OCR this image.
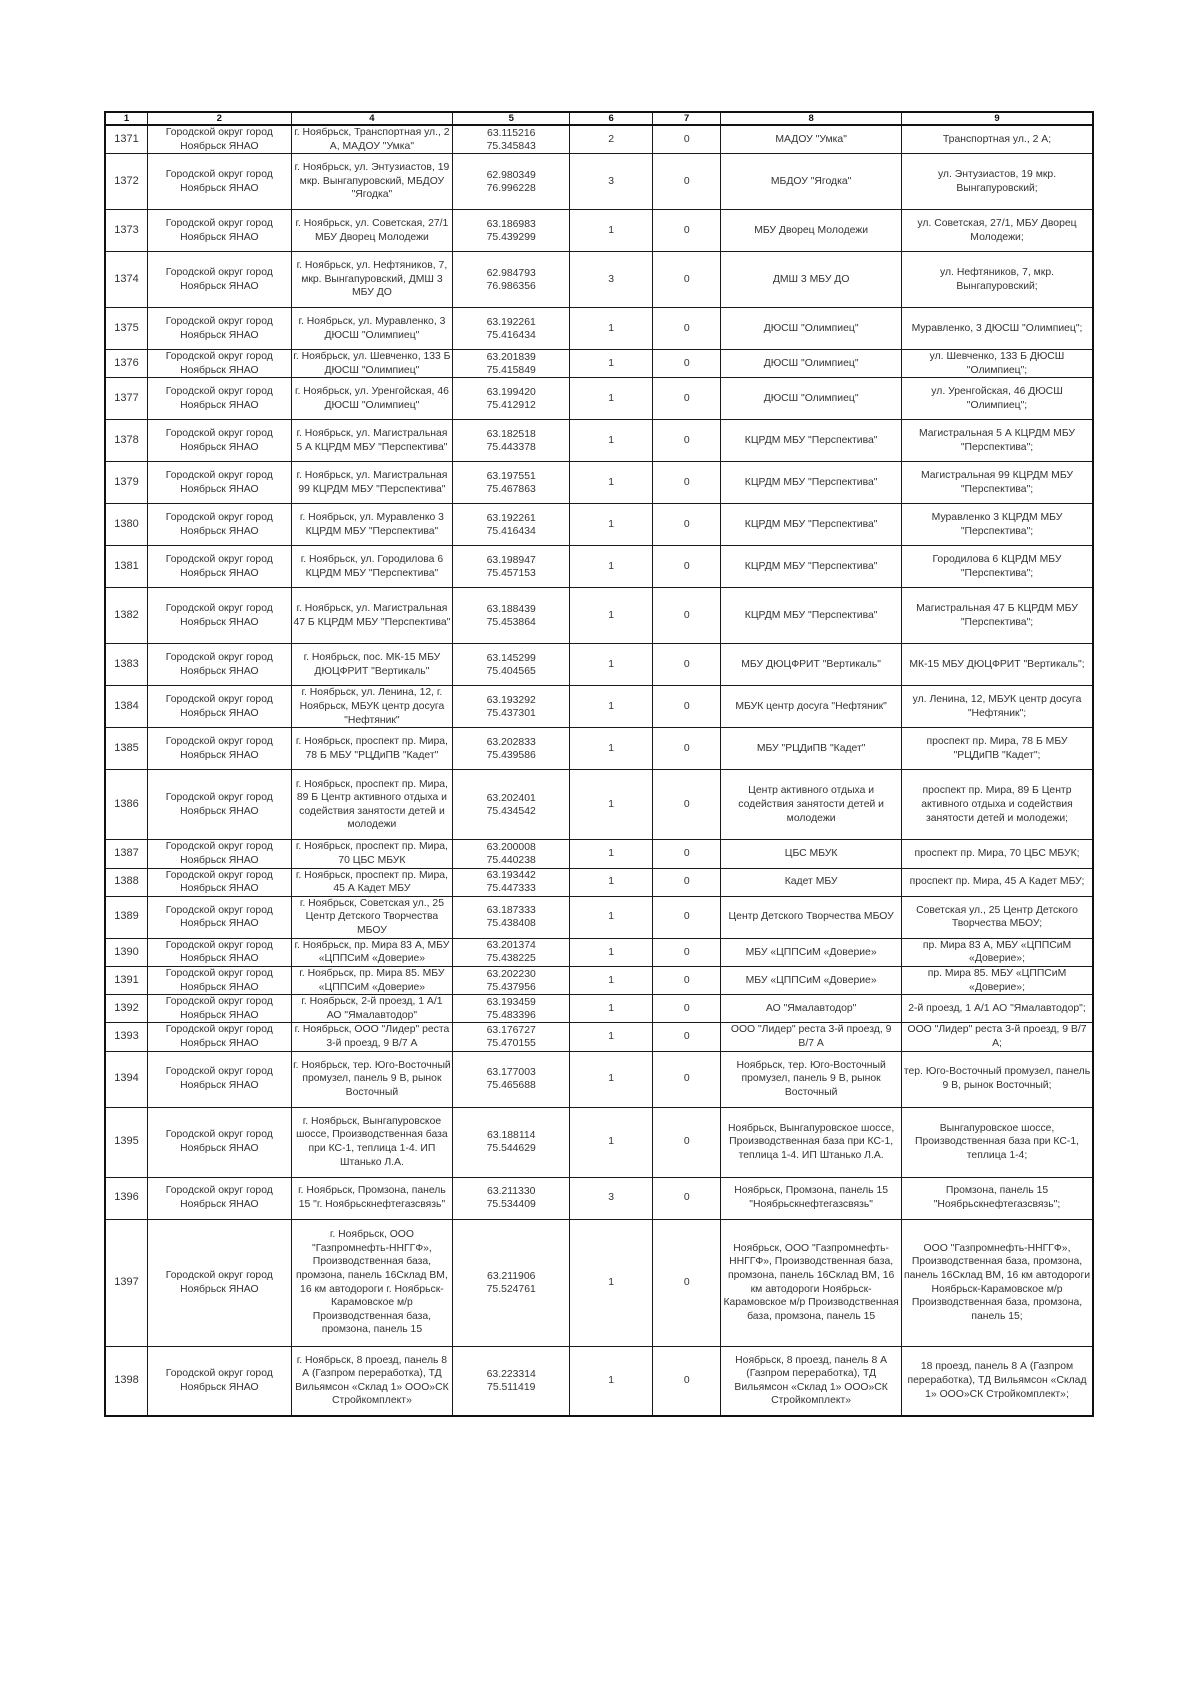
1	2	4	5	6	7	8	9
1371	Городской округ город Ноябрьск ЯНАО	г. Ноябрьск, Транспортная ул., 2 А, МАДОУ "Умка"	63.115216
75.345843	2	0	МАДОУ "Умка"	Транспортная ул., 2 А;
1372	Городской округ город Ноябрьск ЯНАО	г. Ноябрьск, ул. Энтузиастов, 19 мкр. Вынгапуровский, МБДОУ "Ягодка"	62.980349
76.996228	3	0	МБДОУ "Ягодка"	ул. Энтузиастов, 19 мкр. Вынгапуровский;
1373	Городской округ город Ноябрьск ЯНАО	г. Ноябрьск, ул. Советская, 27/1 МБУ Дворец Молодежи	63.186983
75.439299	1	0	МБУ Дворец Молодежи	ул. Советская, 27/1, МБУ Дворец Молодежи;
1374	Городской округ город Ноябрьск ЯНАО	г. Ноябрьск, ул. Нефтяников, 7, мкр. Вынгапуровский, ДМШ 3 МБУ ДО	62.984793
76.986356	3	0	ДМШ 3 МБУ ДО	ул. Нефтяников, 7, мкр. Вынгапуровский;
1375	Городской округ город Ноябрьск ЯНАО	г. Ноябрьск, ул. Муравленко, 3 ДЮСШ "Олимпиец"	63.192261
75.416434	1	0	ДЮСШ "Олимпиец"	Муравленко, 3 ДЮСШ "Олимпиец";
1376	Городской округ город Ноябрьск ЯНАО	г. Ноябрьск, ул. Шевченко, 133 Б ДЮСШ "Олимпиец"	63.201839
75.415849	1	0	ДЮСШ "Олимпиец"	ул. Шевченко, 133 Б ДЮСШ "Олимпиец";
1377	Городской округ город Ноябрьск ЯНАО	г. Ноябрьск, ул. Уренгойская, 46 ДЮСШ "Олимпиец"	63.199420
75.412912	1	0	ДЮСШ "Олимпиец"	ул. Уренгойская, 46 ДЮСШ "Олимпиец";
1378	Городской округ город Ноябрьск ЯНАО	г. Ноябрьск, ул. Магистральная 5 А КЦРДМ МБУ "Перспектива"	63.182518
75.443378	1	0	КЦРДМ МБУ "Перспектива"	Магистральная 5 А КЦРДМ МБУ "Перспектива";
1379	Городской округ город Ноябрьск ЯНАО	г. Ноябрьск, ул. Магистральная 99 КЦРДМ МБУ "Перспектива"	63.197551
75.467863	1	0	КЦРДМ МБУ "Перспектива"	Магистральная 99 КЦРДМ МБУ "Перспектива";
1380	Городской округ город Ноябрьск ЯНАО	г. Ноябрьск, ул. Муравленко 3 КЦРДМ МБУ "Перспектива"	63.192261
75.416434	1	0	КЦРДМ МБУ "Перспектива"	Муравленко 3 КЦРДМ МБУ "Перспектива";
1381	Городской округ город Ноябрьск ЯНАО	г. Ноябрьск, ул. Городилова 6 КЦРДМ МБУ "Перспектива"	63.198947
75.457153	1	0	КЦРДМ МБУ "Перспектива"	Городилова 6 КЦРДМ МБУ "Перспектива";
1382	Городской округ город Ноябрьск ЯНАО	г. Ноябрьск, ул. Магистральная 47 Б КЦРДМ МБУ "Перспектива"	63.188439
75.453864	1	0	КЦРДМ МБУ "Перспектива"	Магистральная 47 Б КЦРДМ МБУ "Перспектива";
1383	Городской округ город Ноябрьск ЯНАО	г. Ноябрьск, пос. МК-15 МБУ ДЮЦФРИТ "Вертикаль"	63.145299
75.404565	1	0	МБУ ДЮЦФРИТ "Вертикаль"	МК-15 МБУ ДЮЦФРИТ "Вертикаль";
1384	Городской округ город Ноябрьск ЯНАО	г. Ноябрьск, ул. Ленина, 12, г. Ноябрьск, МБУК центр досуга "Нефтяник"	63.193292
75.437301	1	0	МБУК центр досуга "Нефтяник"	ул. Ленина, 12, МБУК центр досуга "Нефтяник";
1385	Городской округ город Ноябрьск ЯНАО	г. Ноябрьск, проспект пр. Мира, 78 Б МБУ "РЦДиПВ "Кадет"	63.202833
75.439586	1	0	МБУ "РЦДиПВ "Кадет"	проспект пр. Мира, 78 Б МБУ "РЦДиПВ "Кадет";
1386	Городской округ город Ноябрьск ЯНАО	г. Ноябрьск, проспект пр. Мира, 89 Б Центр активного отдыха и содействия занятости детей и молодежи	63.202401
75.434542	1	0	Центр активного отдыха и содействия занятости детей и молодежи	проспект пр. Мира, 89 Б Центр активного отдыха и содействия занятости детей и молодежи;
1387	Городской округ город Ноябрьск ЯНАО	г. Ноябрьск, проспект пр. Мира, 70 ЦБС МБУК	63.200008
75.440238	1	0	ЦБС МБУК	проспект пр. Мира, 70 ЦБС МБУК;
1388	Городской округ город Ноябрьск ЯНАО	г. Ноябрьск, проспект пр. Мира, 45 А Кадет МБУ	63.193442
75.447333	1	0	Кадет МБУ	проспект пр. Мира, 45 А Кадет МБУ;
1389	Городской округ город Ноябрьск ЯНАО	г. Ноябрьск, Советская ул., 25 Центр Детского Творчества МБОУ	63.187333
75.438408	1	0	Центр Детского Творчества МБОУ	Советская ул., 25 Центр Детского Творчества МБОУ;
1390	Городской округ город Ноябрьск ЯНАО	г. Ноябрьск, пр. Мира 83 А, МБУ «ЦППСиМ «Доверие»	63.201374
75.438225	1	0	МБУ «ЦППСиМ «Доверие»	пр. Мира 83 А, МБУ «ЦППСиМ «Доверие»;
1391	Городской округ город Ноябрьск ЯНАО	г. Ноябрьск, пр. Мира 85. МБУ «ЦППСиМ «Доверие»	63.202230
75.437956	1	0	МБУ «ЦППСиМ «Доверие»	пр. Мира 85. МБУ «ЦППСиМ «Доверие»;
1392	Городской округ город Ноябрьск ЯНАО	г. Ноябрьск, 2-й проезд, 1 А/1 АО "Ямалавтодор"	63.193459
75.483396	1	0	АО "Ямалавтодор"	2-й проезд, 1 А/1 АО "Ямалавтодор";
1393	Городской округ город Ноябрьск ЯНАО	г. Ноябрьск, ООО "Лидер" реста 3-й проезд, 9 В/7 А	63.176727
75.470155	1	0	ООО "Лидер" реста 3-й проезд, 9 В/7 А	ООО "Лидер" реста 3-й проезд, 9 В/7 А;
1394	Городской округ город Ноябрьск ЯНАО	г. Ноябрьск, тер. Юго-Восточный промузел, панель 9 В, рынок Восточный	63.177003
75.465688	1	0	Ноябрьск, тер. Юго-Восточный промузел, панель 9 В, рынок Восточный	тер. Юго-Восточный промузел, панель 9 В, рынок Восточный;
1395	Городской округ город Ноябрьск ЯНАО	г. Ноябрьск, Вынгапуровское шоссе, Производственная база при КС-1, теплица 1-4. ИП Штанько Л.А.	63.188114
75.544629	1	0	Ноябрьск, Вынгапуровское шоссе, Производственная база при КС-1, теплица 1-4. ИП Штанько Л.А.	Вынгапуровское шоссе, Производственная база при КС-1, теплица 1-4;
1396	Городской округ город Ноябрьск ЯНАО	г. Ноябрьск, Промзона, панель 15 "г. Ноябрьскнефтегазсвязь"	63.211330
75.534409	3	0	Ноябрьск, Промзона, панель 15 "Ноябрьскнефтегазсвязь"	Промзона, панель 15 "Ноябрьскнефтегазсвязь";
1397	Городской округ город Ноябрьск ЯНАО	г. Ноябрьск, ООО "Газпромнефть-ННГГФ», Производственная база, промзона, панель 16Склад ВМ, 16 км автодороги г. Ноябрьск-Карамовское м/р Производственная база, промзона, панель 15	63.211906
75.524761	1	0	Ноябрьск, ООО "Газпромнефть-ННГГФ», Производственная база, промзона, панель 16Склад ВМ, 16 км автодороги Ноябрьск-Карамовское м/р Производственная база, промзона, панель 15	ООО "Газпромнефть-ННГГФ», Производственная база, промзона, панель 16Склад ВМ, 16 км автодороги Ноябрьск-Карамовское м/р Производственная база, промзона, панель 15;
1398	Городской округ город Ноябрьск ЯНАО	г. Ноябрьск, 8 проезд, панель 8 А (Газпром переработка), ТД Вильямсон «Склад 1» ООО»СК Стройкомплект»	63.223314
75.511419	1	0	Ноябрьск, 8 проезд, панель 8 А (Газпром переработка), ТД Вильямсон «Склад 1» ООО»СК Стройкомплект»	18 проезд, панель 8 А (Газпром переработка), ТД Вильямсон «Склад 1» ООО»СК Стройкомплект»;
